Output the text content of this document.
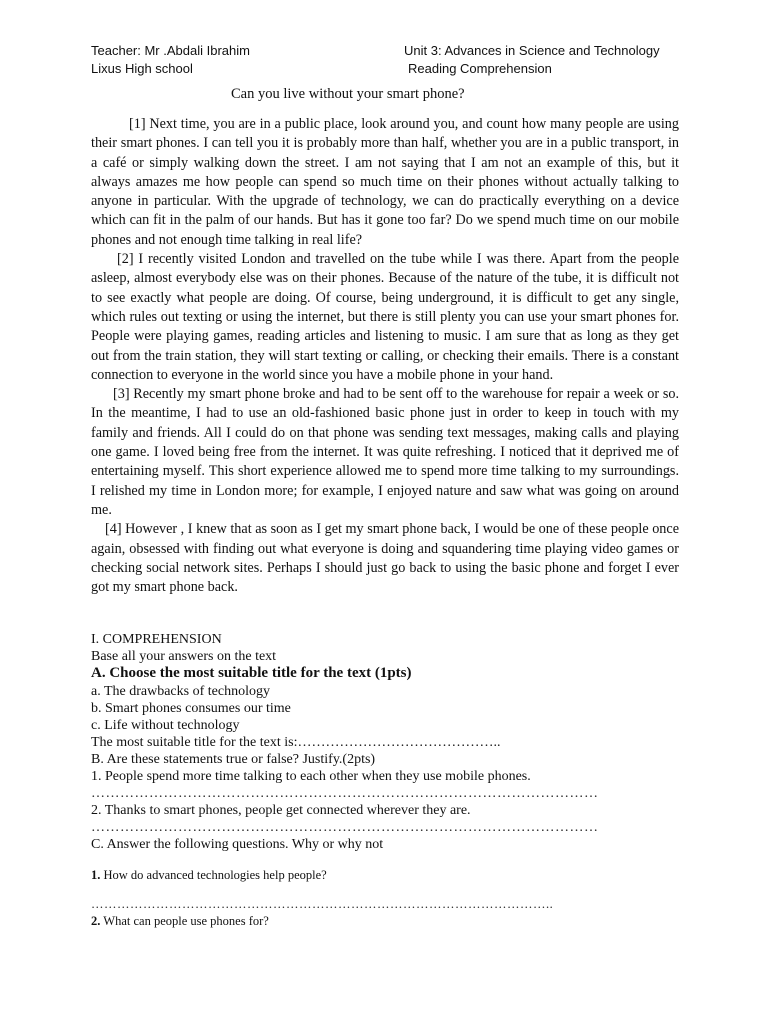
Teacher: Mr .Abdali Ibrahim
Lixus High school
Unit 3: Advances in Science and Technology
Reading Comprehension
Can you live without your smart phone?

[1] Next time, you are in a public place, look around you, and count how many people are using their smart phones. I can tell you it is probably more than half, whether you are in a public transport, in a café or simply walking down the street. I am not saying that I am not an example of this, but it always amazes me how people can spend so much time on their phones without actually talking to anyone in particular. With the upgrade of technology, we can do practically everything on a device which can fit in the palm of our hands. But has it gone too far? Do we spend much time on our mobile phones and not enough time talking in real life?

[2] I recently visited London and travelled on the tube while I was there. Apart from the people asleep, almost everybody else was on their phones. Because of the nature of the tube, it is difficult not to see exactly what people are doing. Of course, being underground, it is difficult to get any single, which rules out texting or using the internet, but there is still plenty you can use your smart phones for. People were playing games, reading articles and listening to music. I am sure that as long as they get out from the train station, they will start texting or calling, or checking their emails. There is a constant connection to everyone in the world since you have a mobile phone in your hand.

[3] Recently my smart phone broke and had to be sent off to the warehouse for repair a week or so. In the meantime, I had to use an old-fashioned basic phone just in order to keep in touch with my family and friends. All I could do on that phone was sending text messages, making calls and playing one game. I loved being free from the internet. It was quite refreshing. I noticed that it deprived me of entertaining myself. This short experience allowed me to spend more time talking to my surroundings. I relished my time in London more; for example, I enjoyed nature and saw what was going on around me.

[4] However , I knew that as soon as I get my smart phone back, I would be one of these people once again, obsessed with finding out what everyone is doing and squandering time playing video games or checking social network sites. Perhaps I should just go back to using the basic phone and forget I ever got my smart phone back.

I. COMPREHENSION
Base all your answers on the text
A. Choose the most suitable title for the text (1pts)
a. The drawbacks of technology
b. Smart phones consumes our time
c. Life without technology
The most suitable title for the text is:……………………………………..
B. Are these statements true or false? Justify.(2pts)
1. People spend more time talking to each other when they use mobile phones.
……………………………………………………………………………………………
2. Thanks to smart phones, people get connected wherever they are.
……………………………………………………………………………………………
C. Answer the following questions. Why or why not
1. How do advanced technologies help people?
……………………………………………………………………………………………..
2. What can people use phones for?
